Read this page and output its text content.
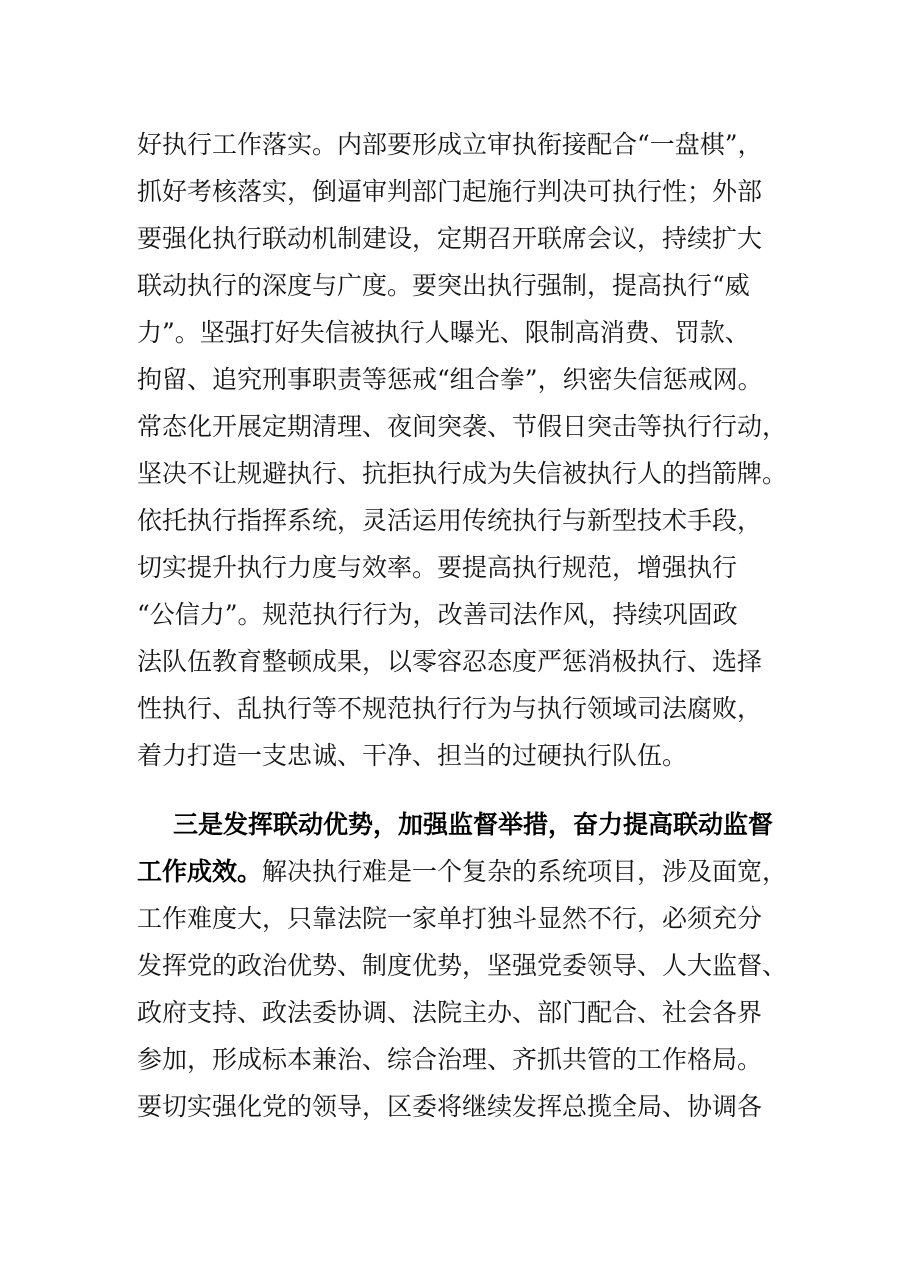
好执行工作落实。内部要形成立审执衔接配合“一盘棋”，
抓好考核落实，倒逼审判部门起施行判决可执行性；外部
要强化执行联动机制建设，定期召开联席会议，持续扩大
联动执行的深度与广度。要突出执行强制，提高执行“威
力”。坚强打好失信被执行人曝光、限制高消费、罚款、
拘留、追究刑事职责等惩戒“组合拳”，织密失信惩戒网。
常态化开展定期清理、夜间突袭、节假日突击等执行行动，
坚决不让规避执行、抗拒执行成为失信被执行人的挡箭牌。
依托执行指挥系统，灵活运用传统执行与新型技术手段，
切实提升执行力度与效率。要提高执行规范，增强执行
“公信力”。规范执行行为，改善司法作风，持续巩固政
法队伍教育整顿成果，以零容忍态度严惩消极执行、选择
性执行、乱执行等不规范执行行为与执行领域司法腐败，
着力打造一支忠诚、干净、担当的过硬执行队伍。
三是发挥联动优势，加强监督举措，奋力提高联动监督
工作成效。解决执行难是一个复杂的系统项目，涉及面宽，
工作难度大，只靠法院一家单打独斗显然不行，必须充分
发挥党的政治优势、制度优势，坚强党委领导、人大监督、
政府支持、政法委协调、法院主办、部门配合、社会各界
参加，形成标本兼治、综合治理、齐抓共管的工作格局。
要切实强化党的领导，区委将继续发挥总揽全局、协调各
